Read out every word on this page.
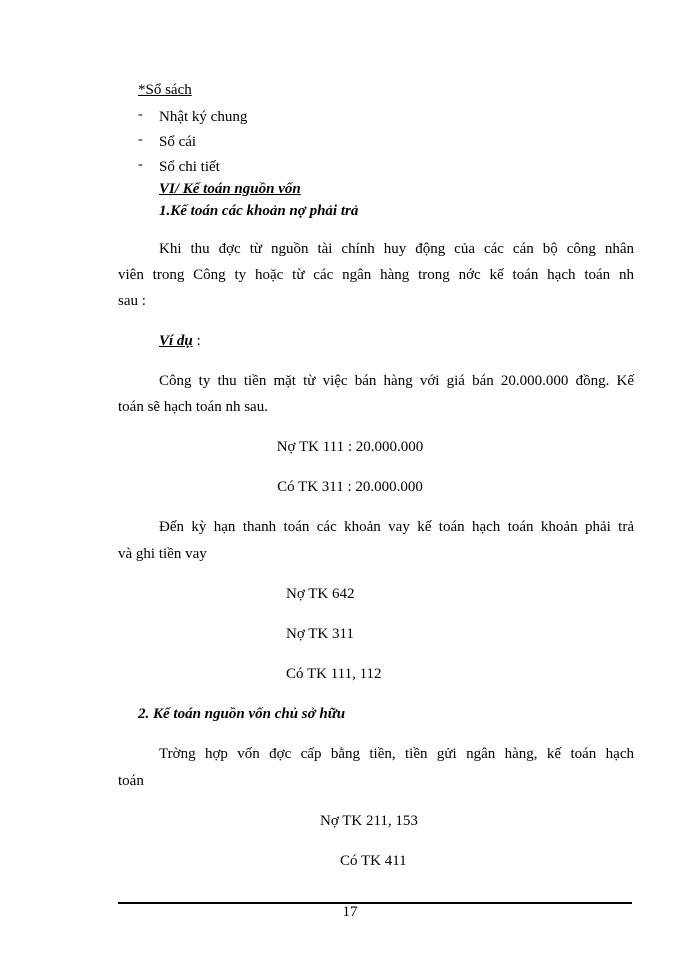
*Sổ sách
- Nhật ký chung
- Sổ cái
- Sổ chi tiết
VI/ Kế toán nguồn vốn
1.Kế toán các khoản nợ phải trả
Khi thu đợc từ nguồn tài chính huy động của các cán bộ công nhân
viên trong Công ty hoặc từ các ngân hàng trong nớc kế toán hạch toán nh
sau :
Ví dụ :
Công ty thu tiền mặt từ việc bán hàng với giá bán 20.000.000 đồng. Kế
toán sẽ hạch toán nh sau.
Nợ TK 111 : 20.000.000
Có TK 311 : 20.000.000
Đến kỳ hạn thanh toán các khoản vay kế toán hạch toán khoản phải trả
và ghi tiền vay
Nợ TK 642
Nợ TK 311
Có TK 111, 112
2. Kế toán nguồn vốn chủ sở hữu
Trờng hợp vốn đợc cấp bằng tiền, tiền gửi ngân hàng, kế toán hạch
toán
Nợ TK 211, 153
Có TK 411
17
